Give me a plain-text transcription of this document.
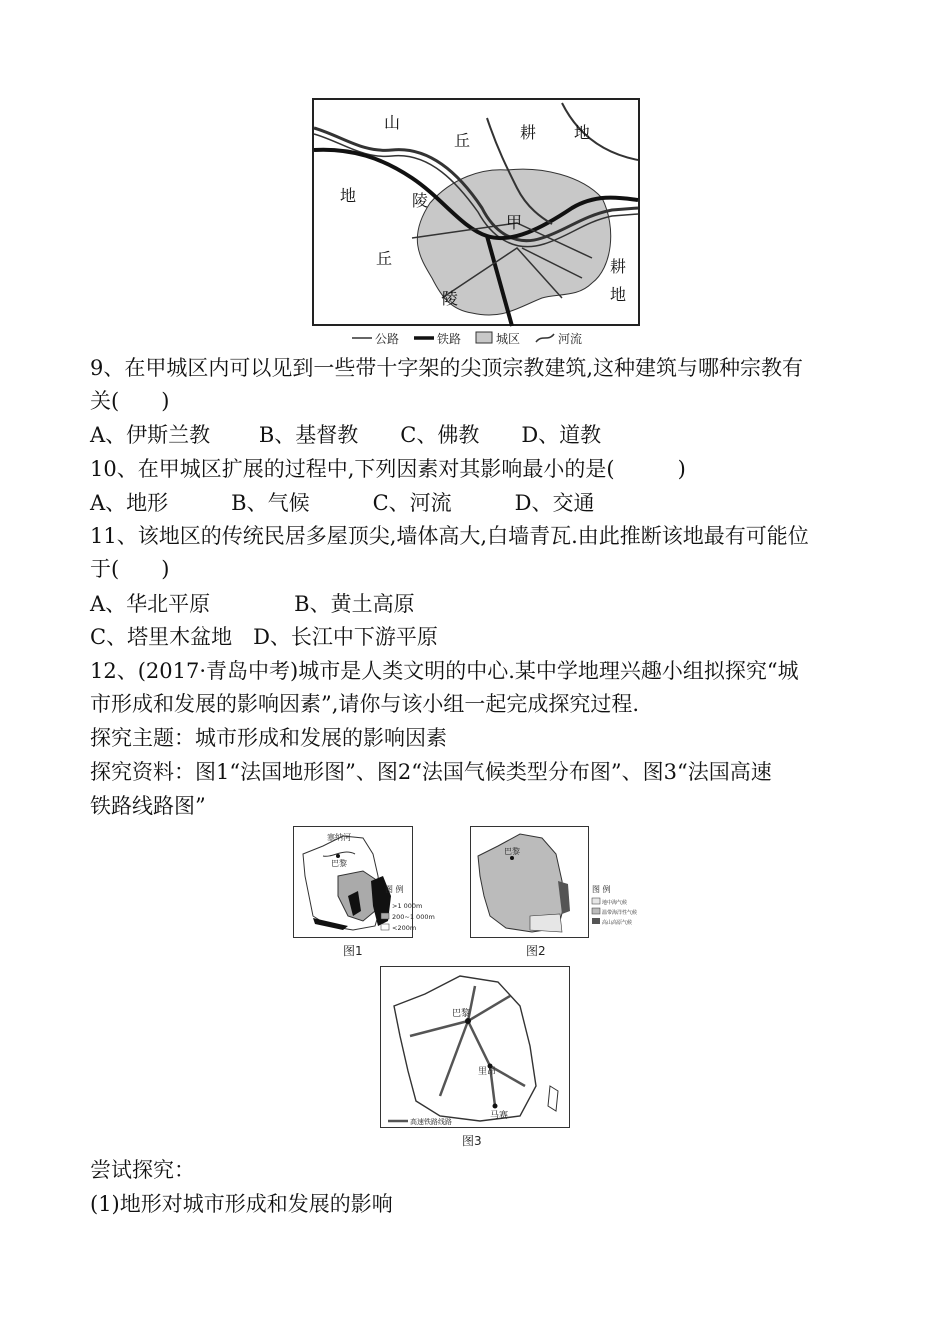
山
丘	耕 地
地	陵
甲
丘
陵
耕
地
公路	铁路	城区	河流
9、在甲城区内可以见到一些带十字架的尖顶宗教建筑,这种建筑与哪种宗教有
关(　　)
A、伊斯兰教　　 B、基督教　　C、佛教　　D、道教
10、在甲城区扩展的过程中,下列因素对其影响最小的是(　　　)
A、地形　　　B、气候　　　C、河流　　　D、交通
11、该地区的传统民居多屋顶尖,墙体高大,白墙青瓦.由此推断该地最有可能位
于(　　)
A、华北平原　　　　B、黄土高原
C、塔里木盆地　D、长江中下游平原
12、(2017·青岛中考)城市是人类文明的中心.某中学地理兴趣小组拟探究“城
市形成和发展的影响因素”,请你与该小组一起完成探究过程.
探究主题：城市形成和发展的影响因素
探究资料：图1“法国地形图”、图2“法国气候类型分布图”、图3“法国高速
铁路线路图”
塞纳河
巴黎
图 例
>1 000m
200~1 000m
<200m
图1
巴黎
图 例
地中海气候
温带海洋性气候
高山高原气候
图2
巴黎
里昂
马赛
高速铁路线路
图3
尝试探究：
(1)地形对城市形成和发展的影响
